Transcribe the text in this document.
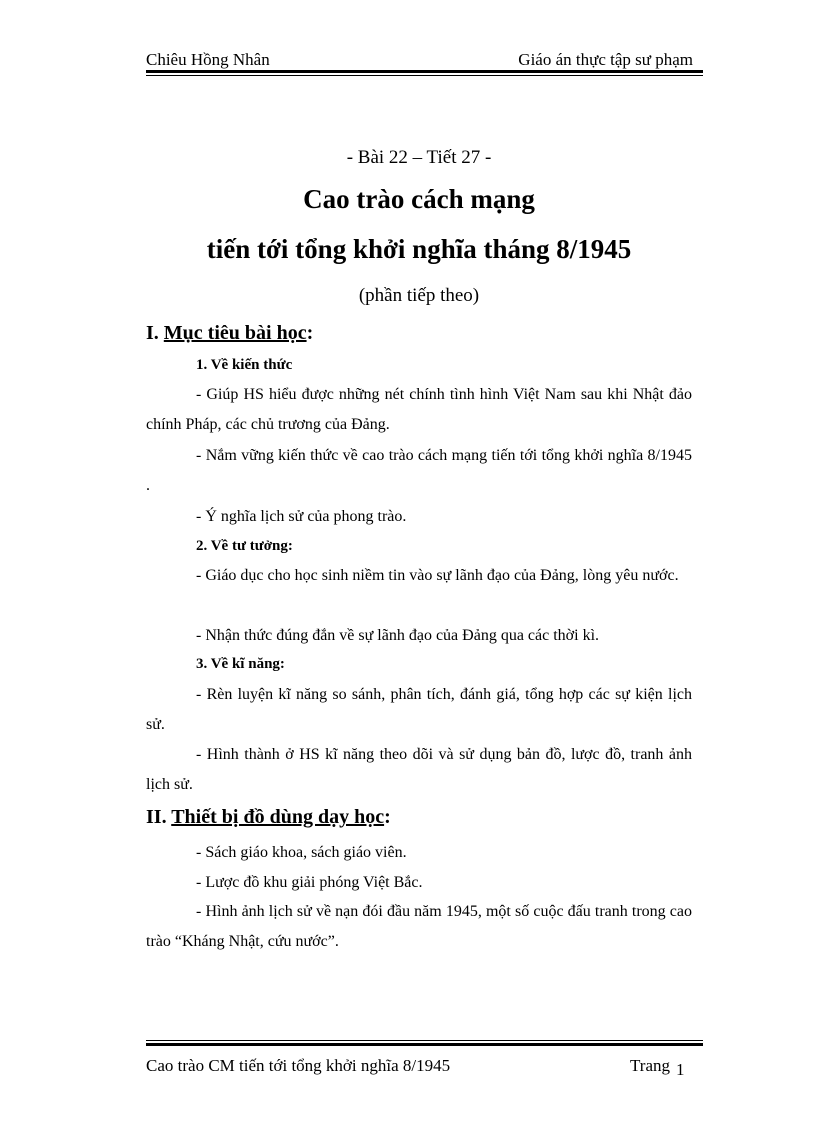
Chiêu Hồng Nhân	Giáo án thực tập sư phạm
- Bài 22 – Tiết 27 -
Cao trào cách mạng
tiến tới tổng khởi nghĩa tháng 8/1945
(phần tiếp theo)
I. Mục tiêu bài học:
1. Về kiến thức
- Giúp HS hiểu được những nét chính tình hình Việt Nam sau khi Nhật đảo chính Pháp, các chủ trương của Đảng.
- Nắm vững kiến thức về cao trào cách mạng tiến tới tổng khởi nghĩa 8/1945 .
- Ý nghĩa lịch sử của phong trào.
2. Về tư tưởng:
- Giáo dục cho học sinh niềm tin vào sự lãnh đạo của Đảng, lòng yêu nước.
- Nhận thức đúng đắn về sự lãnh đạo của Đảng qua các thời kì.
3. Về kĩ năng:
- Rèn luyện kĩ năng so sánh, phân tích, đánh giá, tổng hợp các sự kiện lịch sử.
- Hình thành ở HS kĩ năng theo dõi và sử dụng bản đồ, lược đồ, tranh ảnh lịch sử.
II. Thiết bị đồ dùng dạy học:
- Sách giáo khoa, sách giáo viên.
- Lược đồ khu giải phóng Việt Bắc.
- Hình ảnh lịch sử về nạn đói đầu năm 1945, một số cuộc đấu tranh trong cao trào “Kháng Nhật, cứu nước”.
Cao trào CM tiến tới tổng khởi nghĩa 8/1945	Trang 1
